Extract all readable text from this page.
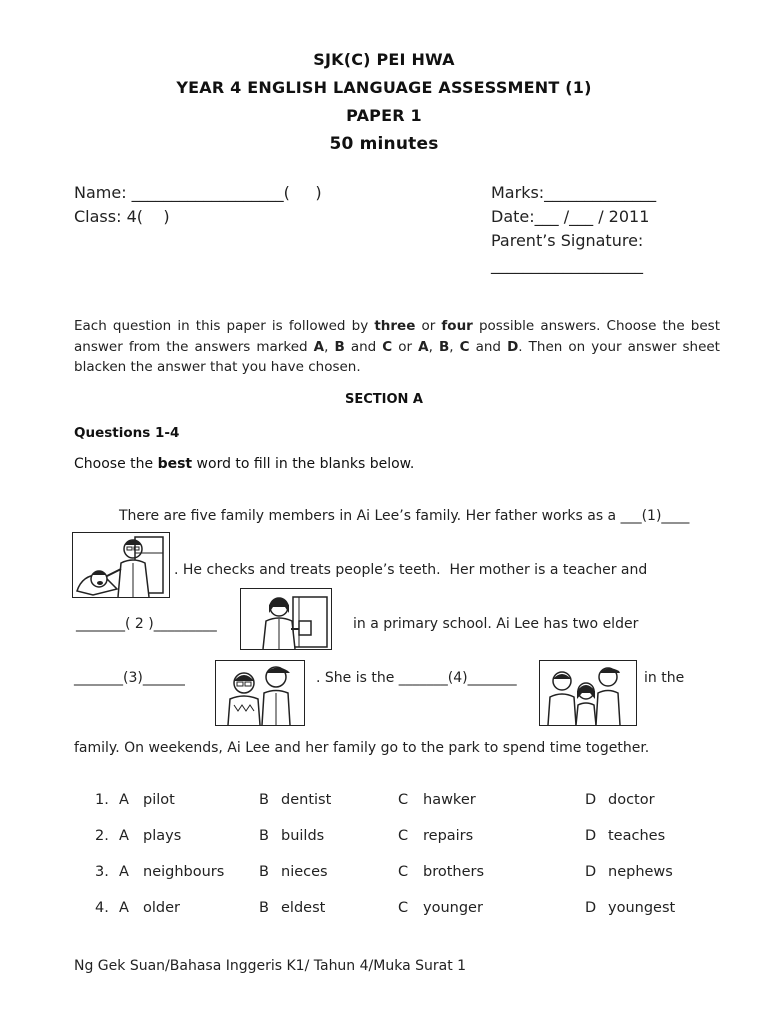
SJK(C) PEI HWA
YEAR 4 ENGLISH LANGUAGE ASSESSMENT (1)
PAPER 1
50 minutes
Name: ___________________(     )
Class: 4(    )
Marks:______________
Date:___ /___ / 2011
Parent’s Signature:
___________________
Each question in this paper is followed by three or four possible answers. Choose the best answer from the answers marked A, B and C or A, B, C and D. Then on your answer sheet blacken the answer that you have chosen.
SECTION A
Questions 1-4
Choose the best word to fill in the blanks below.
There are five family members in Ai Lee’s family. Her father works as a ___(1)____
. He checks and treats people’s teeth.  Her mother is a teacher and
_______( 2 )_________	in a primary school. Ai Lee has two elder
_______(3)______	. She is the _______(4)_______	in the
family. On weekends, Ai Lee and her family go to the park to spend time together.
1. A pilot	B dentist	C hawker	D doctor
2. A plays	B builds	C repairs	D teaches
3. A neighbours B nieces	C brothers	D nephews
4. A older	B eldest	C younger	D youngest
Ng Gek Suan/Bahasa Inggeris K1/ Tahun 4/Muka Surat 1
